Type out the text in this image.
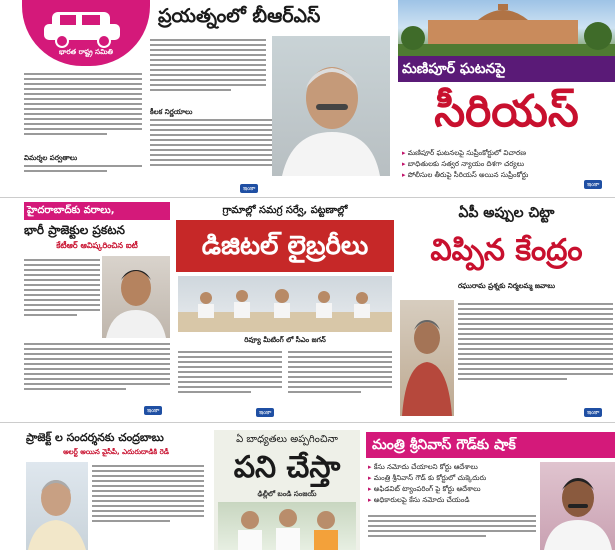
భారత రాష్ట్ర సమితి
ప్రయత్నంలో బీఆర్ఎస్
విమర్శల పర్వతాలు
కీలక నిర్ణయాలు
ఇంకా
మణిపూర్ ఘటనపై
సీరియస్
▸ మణిపూర్ ఘటనలపై సుప్రీంకోర్టులో విచారణ
▸ బాధితులకు సత్వర న్యాయం దిశగా చర్యలు
▸ పోలీసుల తీరుపై సీరియస్ అయిన సుప్రీంకోర్టు
ఇంకా
హైదరాబాద్‌కు వరాలు,
భారీ ప్రాజెక్టుల ప్రకటన
కేటీఆర్ ఆవిష్కరించిన ఐటీ
ఇంకా
గ్రామాల్లో సమగ్ర సర్వే, పట్టణాల్లో
డిజిటల్ లైబ్రరీలు
రివ్యూ మీటింగ్ లో సీఎం జగన్
ఇంకా
ఏపీ అప్పుల చిట్టా
విప్పిన కేంద్రం
రఘురామ ప్రశ్నకు నిర్మలమ్మ జవాబు
ఇంకా
ప్రాజెక్ట్ ల సందర్శనకు చంద్రబాబు
అలర్ట్ అయిన వైసీపీ, ఎదురుదాడికి రెడీ
ఏ బాధ్యతలు అప్పగించినా
పని చేస్తా
ఢిల్లీలో బండి సంజయ్
మంత్రి శ్రీనివాస్ గౌడ్‌కు షాక్
▸ కేసు నమోదు చేయాలని కోర్టు ఆదేశాలు
▸ మంత్రి శ్రీనివాస్ గౌడ్ కు కోర్టులో చుక్కెదురు
▸ అఫిడవిట్ ట్యాంపరింగ్ పై కోర్టు ఆదేశాలు
▸ అధికారులపై కేసు నమోదు చేయండి
